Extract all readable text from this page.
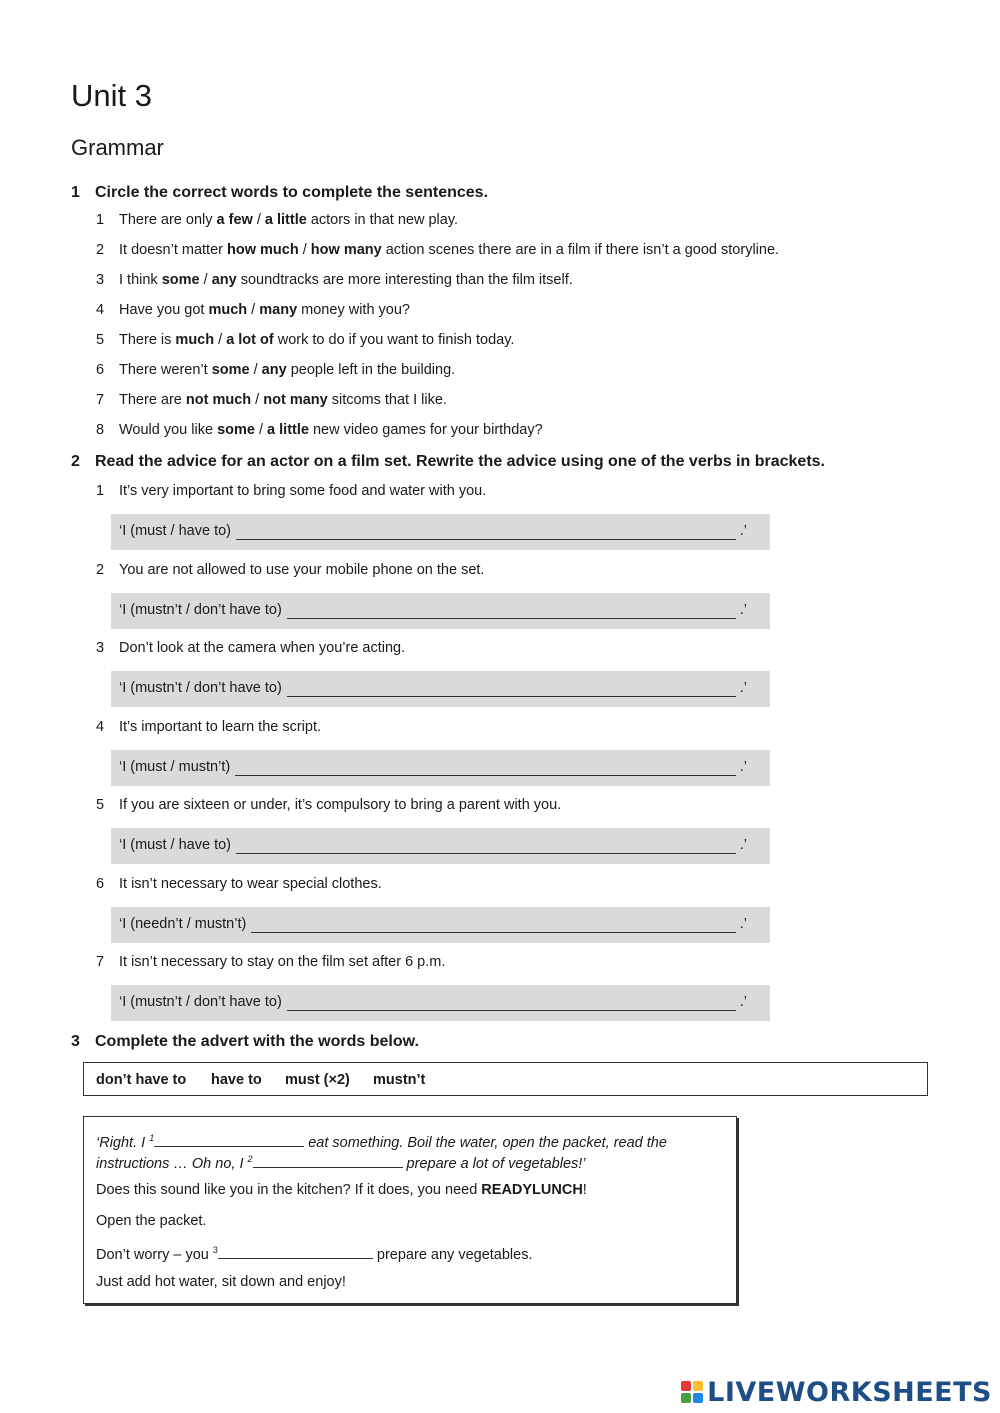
Unit 3
Grammar
1 Circle the correct words to complete the sentences.
1 There are only a few / a little actors in that new play.
2 It doesn’t matter how much / how many action scenes there are in a film if there isn’t a good storyline.
3 I think some / any soundtracks are more interesting than the film itself.
4 Have you got much / many money with you?
5 There is much / a lot of work to do if you want to finish today.
6 There weren’t some / any people left in the building.
7 There are not much / not many sitcoms that I like.
8 Would you like some / a little new video games for your birthday?
2 Read the advice for an actor on a film set. Rewrite the advice using one of the verbs in brackets.
1 It’s very important to bring some food and water with you.
‘I (must / have to)	.’
2 You are not allowed to use your mobile phone on the set.
‘I (mustn’t / don’t have to)	.’
3 Don’t look at the camera when you’re acting.
‘I (mustn’t / don’t have to)	.’
4 It’s important to learn the script.
‘I (must / mustn’t)	.’
5 If you are sixteen or under, it’s compulsory to bring a parent with you.
‘I (must / have to)	.’
6 It isn’t necessary to wear special clothes.
‘I (needn’t / mustn’t)	.’
7 It isn’t necessary to stay on the film set after 6 p.m.
‘I (mustn’t / don’t have to)	.’
3 Complete the advert with the words below.
don’t have to have to must (×2) mustn’t
‘Right. I $^1$	eat something. Boil the water, open the packet, read the
instructions … Oh no, I $^2$	prepare a lot of vegetables!’
Does this sound like you in the kitchen? If it does, you need READYLUNCH!
Open the packet.
Don’t worry – you $^3$	prepare any vegetables.
Just add hot water, sit down and enjoy!
LIVEWORKSHEETS
